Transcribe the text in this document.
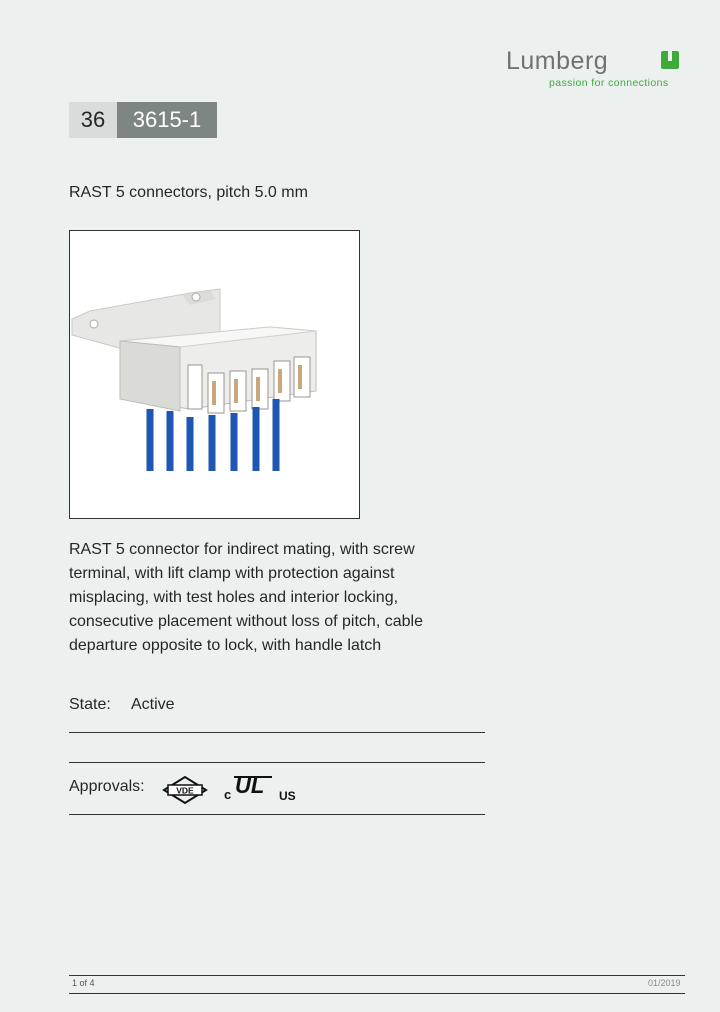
Lumberg
passion for connections
36	3615-1
RAST 5 connectors, pitch 5.0 mm
RAST 5 connector for indirect mating, with screw terminal, with lift clamp with protection against misplacing, with test holes and interior locking, consecutive placement without loss of pitch, cable departure opposite to lock, with handle latch
State: Active
Approvals:	VDE c UL US
1 of 4	01/2019
